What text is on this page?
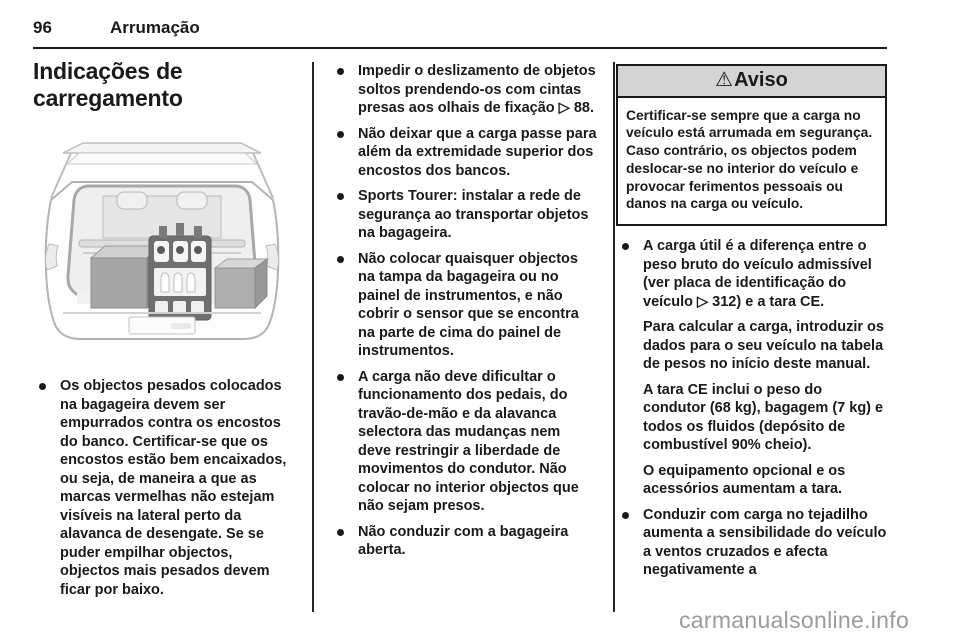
96	Arrumação
Indicações de carregamento
Os objectos pesados colocados na bagageira devem ser empurrados contra os encostos do banco. Certificar-se que os encostos estão bem encaixados, ou seja, de maneira a que as marcas vermelhas não estejam visíveis na lateral perto da alavanca de desengate. Se se puder empilhar objectos, objectos mais pesados devem ficar por baixo.
Impedir o deslizamento de objetos soltos prendendo-os com cintas presas aos olhais de fixação ▷ 88.
Não deixar que a carga passe para além da extremidade superior dos encostos dos bancos.
Sports Tourer: instalar a rede de segurança ao transportar objetos na bagageira.
Não colocar quaisquer objectos na tampa da bagageira ou no painel de instrumentos, e não cobrir o sensor que se encontra na parte de cima do painel de instrumentos.
A carga não deve dificultar o funcionamento dos pedais, do travão-de-mão e da alavanca selectora das mudanças nem deve restringir a liberdade de movimentos do condutor. Não colocar no interior objectos que não sejam presos.
Não conduzir com a bagageira aberta.
⚠Aviso
Certificar-se sempre que a carga no veículo está arrumada em segurança. Caso contrário, os objectos podem deslocar-se no interior do veículo e provocar ferimentos pessoais ou danos na carga ou veículo.
A carga útil é a diferença entre o peso bruto do veículo admissível (ver placa de identificação do veículo ▷ 312) e a tara CE.

Para calcular a carga, introduzir os dados para o seu veículo na tabela de pesos no início deste manual.

A tara CE inclui o peso do condutor (68 kg), bagagem (7 kg) e todos os fluidos (depósito de combustível 90% cheio).

O equipamento opcional e os acessórios aumentam a tara.

Conduzir com carga no tejadilho aumenta a sensibilidade do veículo a ventos cruzados e afecta negativamente a
carmanualsonline.info
